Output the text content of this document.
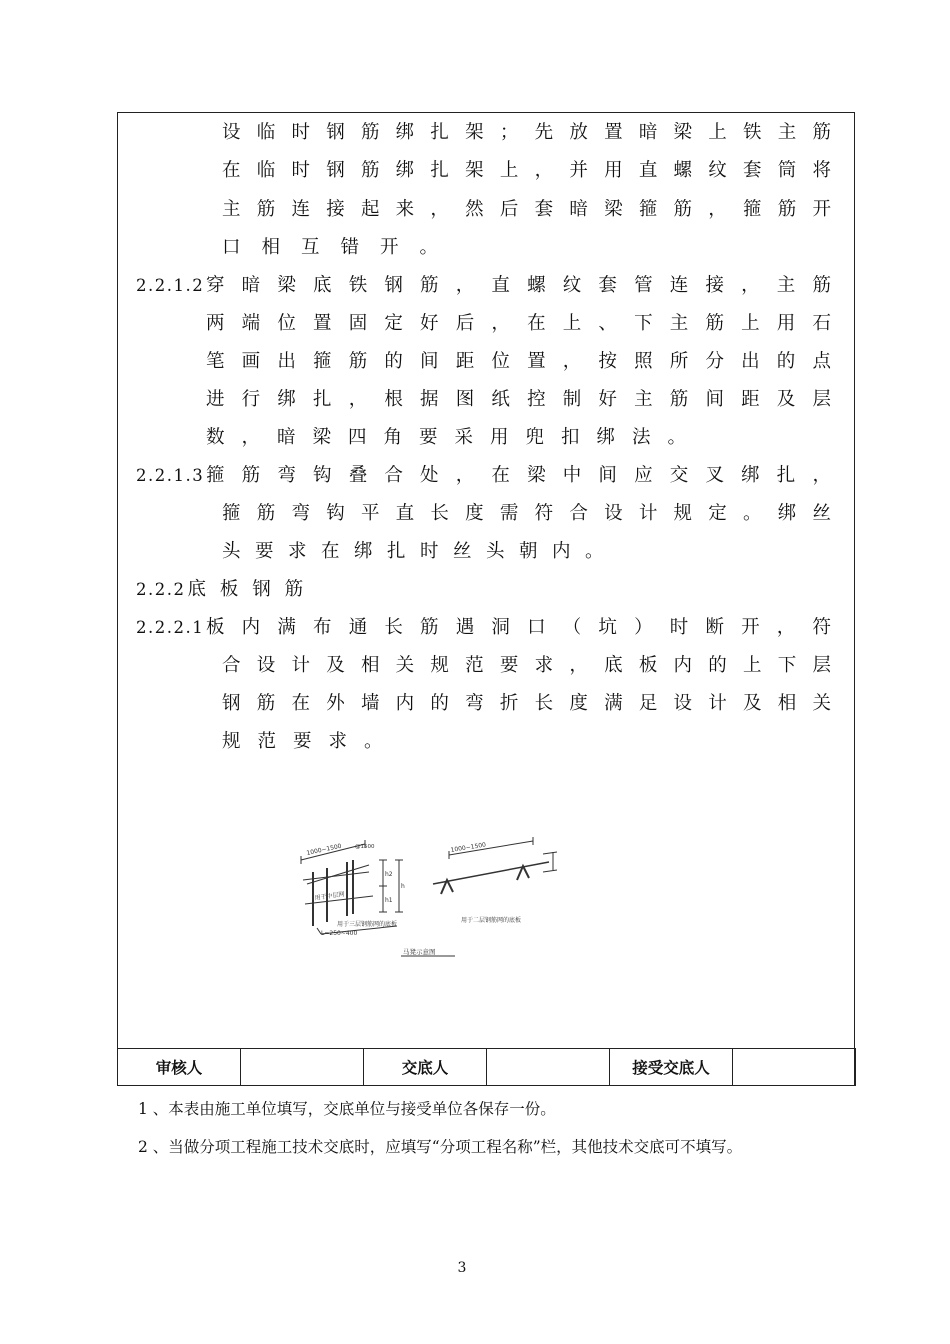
设临时钢筋绑扎架；先放置暗梁上铁主筋
在临时钢筋绑扎架上，并用直螺纹套筒将
主筋连接起来，然后套暗梁箍筋，箍筋开
口相互错开。
2.2.1.2 穿暗梁底铁钢筋，直螺纹套管连接，主筋
两端位置固定好后，在上、下主筋上用石
笔画出箍筋的间距位置，按照所分出的点
进行绑扎，根据图纸控制好主筋间距及层
数，暗梁四角要采用兜扣绑法。
2.2.1.3 箍筋弯钩叠合处，在梁中间应交叉绑扎，
箍筋弯钩平直长度需符合设计规定。绑丝
头要求在绑扎时丝头朝内。
2.2.2 底 板 钢 筋
2.2.2.1 板内满布通长筋遇洞口（坑）时断开，符
合设计及相关规范要求，底板内的上下层
钢筋在外墙内的弯折长度满足设计及相关
规范要求。
1000~1500 @1500	1000~1500
h2
h1
h
用于中层网
用于三层钢筋网的底板
L=250~400
用于二层钢筋网的底板
马凳示意图
审核人		交底人		接受交底人	
1 、本表由施工单位填写，交底单位与接受单位各保存一份。
2 、当做分项工程施工技术交底时，应填写“分项工程名称”栏，其他技术交底可不填写。
3
